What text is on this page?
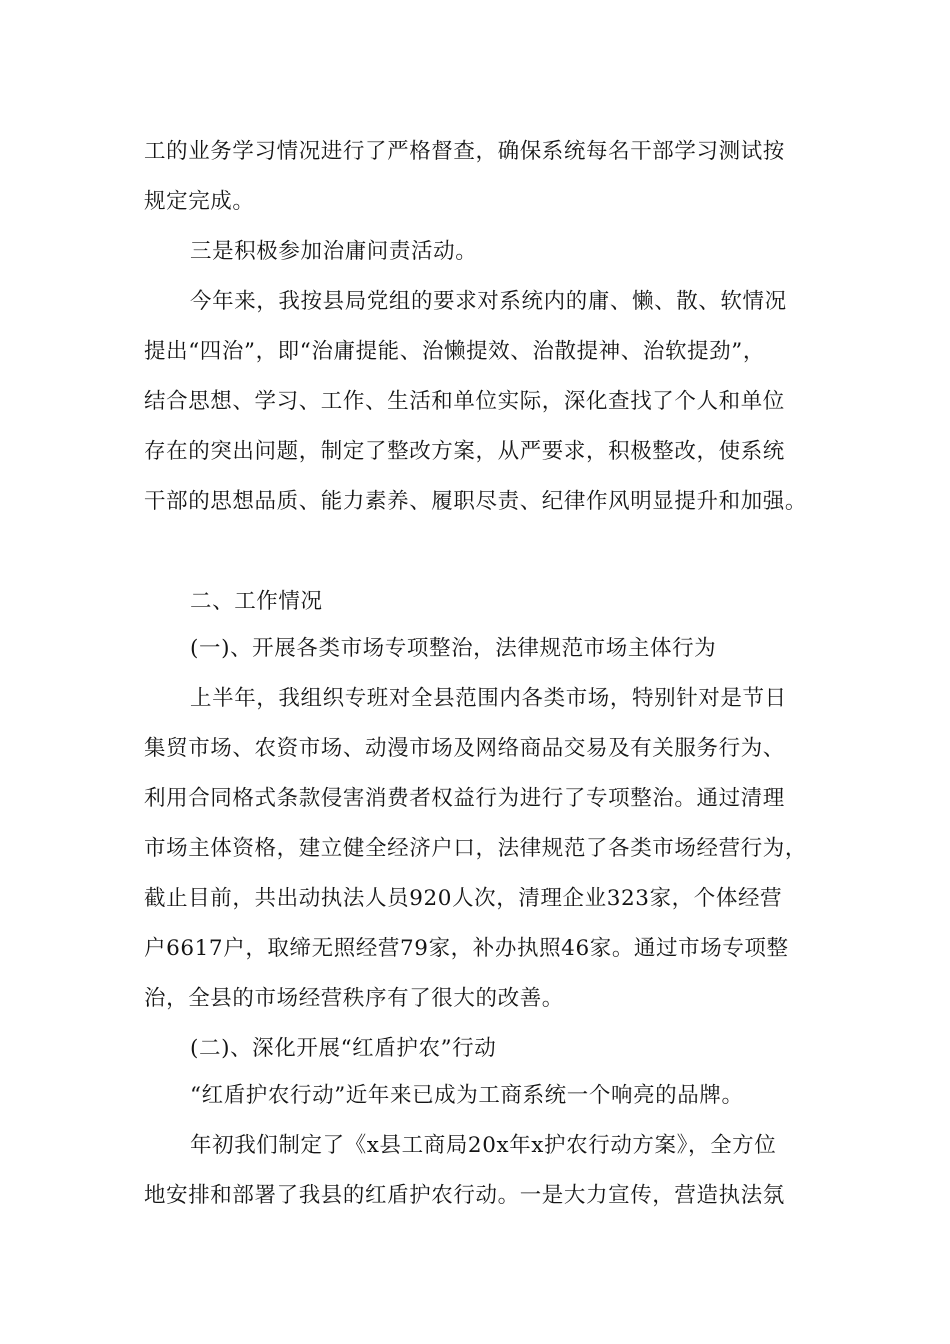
工的业务学习情况进行了严格督查，确保系统每名干部学习测试按
规定完成。
三是积极参加治庸问责活动。
今年来，我按县局党组的要求对系统内的庸、懒、散、软情况
提出“四治”，即“治庸提能、治懒提效、治散提神、治软提劲”，
结合思想、学习、工作、生活和单位实际，深化查找了个人和单位
存在的突出问题，制定了整改方案，从严要求，积极整改，使系统
干部的思想品质、能力素养、履职尽责、纪律作风明显提升和加强。
二、工作情况
(一)、开展各类市场专项整治，法律规范市场主体行为
上半年，我组织专班对全县范围内各类市场，特别针对是节日
集贸市场、农资市场、动漫市场及网络商品交易及有关服务行为、
利用合同格式条款侵害消费者权益行为进行了专项整治。通过清理
市场主体资格，建立健全经济户口，法律规范了各类市场经营行为，
截止目前，共出动执法人员920人次，清理企业323家，个体经营
户6617户，取缔无照经营79家，补办执照46家。通过市场专项整
治，全县的市场经营秩序有了很大的改善。
(二)、深化开展“红盾护农”行动
“红盾护农行动”近年来已成为工商系统一个响亮的品牌。
年初我们制定了《x县工商局20x年x护农行动方案》，全方位
地安排和部署了我县的红盾护农行动。一是大力宣传，营造执法氛
